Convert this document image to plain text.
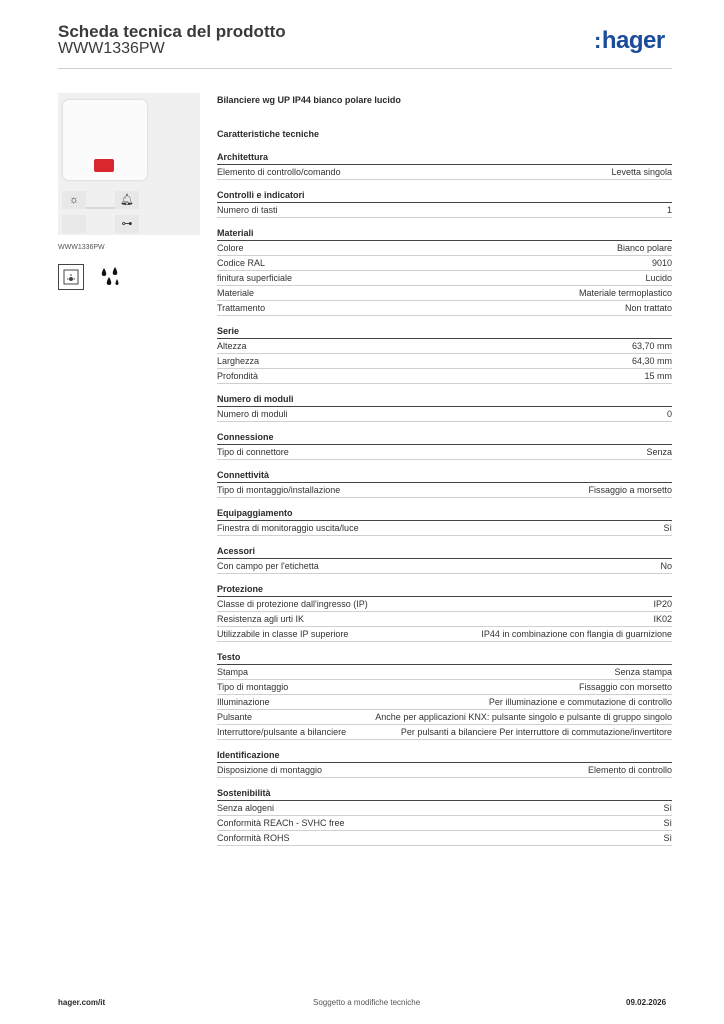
Scheda tecnica del prodotto
WWW1336PW	:hager
☼	🔔︎
⊶
WWW1336PW
Bilanciere wg UP IP44 bianco polare lucido
Caratteristiche tecniche
Architettura
Elemento di controllo/comando	Levetta singola
Controlli e indicatori
Numero di tasti	1
Materiali
Colore	Bianco polare
Codice RAL	9010
finitura superficiale	Lucido
Materiale	Materiale termoplastico
Trattamento	Non trattato
Serie
Altezza	63,70 mm
Larghezza	64,30 mm
Profondità	15 mm
Numero di moduli
Numero di moduli	0
Connessione
Tipo di connettore	Senza
Connettività
Tipo di montaggio/installazione	Fissaggio a morsetto
Equipaggiamento
Finestra di monitoraggio uscita/luce	Sì
Acessori
Con campo per l'etichetta	No
Protezione
Classe di protezione dall'ingresso (IP)	IP20
Resistenza agli urti IK	IK02
Utilizzabile in classe IP superiore	IP44 in combinazione con flangia di guarnizione
Testo
Stampa	Senza stampa
Tipo di montaggio	Fissaggio con morsetto
Illuminazione	Per illuminazione e commutazione di controllo
Pulsante	Anche per applicazioni KNX: pulsante singolo e pulsante di gruppo singolo
Interruttore/pulsante a bilanciere	Per pulsanti a bilanciere Per interruttore di commutazione/invertitore
Identificazione
Disposizione di montaggio	Elemento di controllo
Sostenibilità
Senza alogeni	Sì
Conformità REACh - SVHC free	Sì
Conformità ROHS	Sì
hager.com/it	Soggetto a modifiche tecniche	09.02.2026
